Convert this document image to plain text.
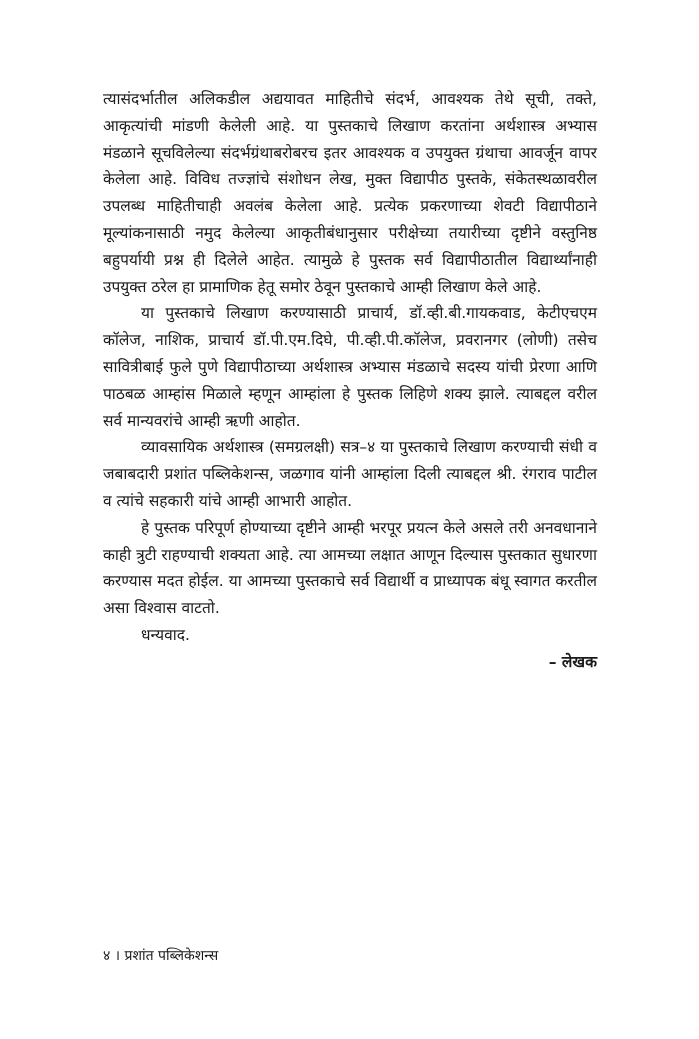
त्यासंदर्भातील अलिकडील अद्ययावत माहितीचे संदर्भ, आवश्यक तेथे सूची, तक्ते, आकृत्यांची मांडणी केलेली आहे. या पुस्तकाचे लिखाण करतांना अर्थशास्त्र अभ्यास मंडळाने सूचविलेल्या संदर्भग्रंथाबरोबरच इतर आवश्यक व उपयुक्त ग्रंथाचा आवर्जून वापर केलेला आहे. विविध तज्ज्ञांचे संशोधन लेख, मुक्त विद्यापीठ पुस्तके, संकेतस्थळावरील उपलब्ध माहितीचाही अवलंब केलेला आहे. प्रत्येक प्रकरणाच्या शेवटी विद्यापीठाने मूल्यांकनासाठी नमुद केलेल्या आकृतीबंधानुसार परीक्षेच्या तयारीच्या दृष्टीने वस्तुनिष्ठ बहुपर्यायी प्रश्न ही दिलेले आहेत. त्यामुळे हे पुस्तक सर्व विद्यापीठातील विद्यार्थ्यांनाही उपयुक्त ठरेल हा प्रामाणिक हेतू समोर ठेवून पुस्तकाचे आम्ही लिखाण केले आहे.

या पुस्तकाचे लिखाण करण्यासाठी प्राचार्य, डॉ.व्ही.बी.गायकवाड, केटीएचएम कॉलेज, नाशिक, प्राचार्य डॉ.पी.एम.दिघे, पी.व्ही.पी.कॉलेज, प्रवरानगर (लोणी) तसेच सावित्रीबाई फुले पुणे विद्यापीठाच्या अर्थशास्त्र अभ्यास मंडळाचे सदस्य यांची प्रेरणा आणि पाठबळ आम्हांस मिळाले म्हणून आम्हांला हे पुस्तक लिहिणे शक्य झाले. त्याबद्दल वरील सर्व मान्यवरांचे आम्ही ऋणी आहोत.

व्यावसायिक अर्थशास्त्र (समग्रलक्षी) सत्र–४ या पुस्तकाचे लिखाण करण्याची संधी व जबाबदारी प्रशांत पब्लिकेशन्स, जळगाव यांनी आम्हांला दिली त्याबद्दल श्री. रंगराव पाटील व त्यांचे सहकारी यांचे आम्ही आभारी आहोत.

हे पुस्तक परिपूर्ण होण्याच्या दृष्टीने आम्ही भरपूर प्रयत्न केले असले तरी अनवधानाने काही त्रुटी राहण्याची शक्यता आहे. त्या आमच्या लक्षात आणून दिल्यास पुस्तकात सुधारणा करण्यास मदत होईल. या आमच्या पुस्तकाचे सर्व विद्यार्थी व प्राध्यापक बंधू स्वागत करतील असा विश्वास वाटतो.

धन्यवाद.

– लेखक

४ । प्रशांत पब्लिकेशन्स
